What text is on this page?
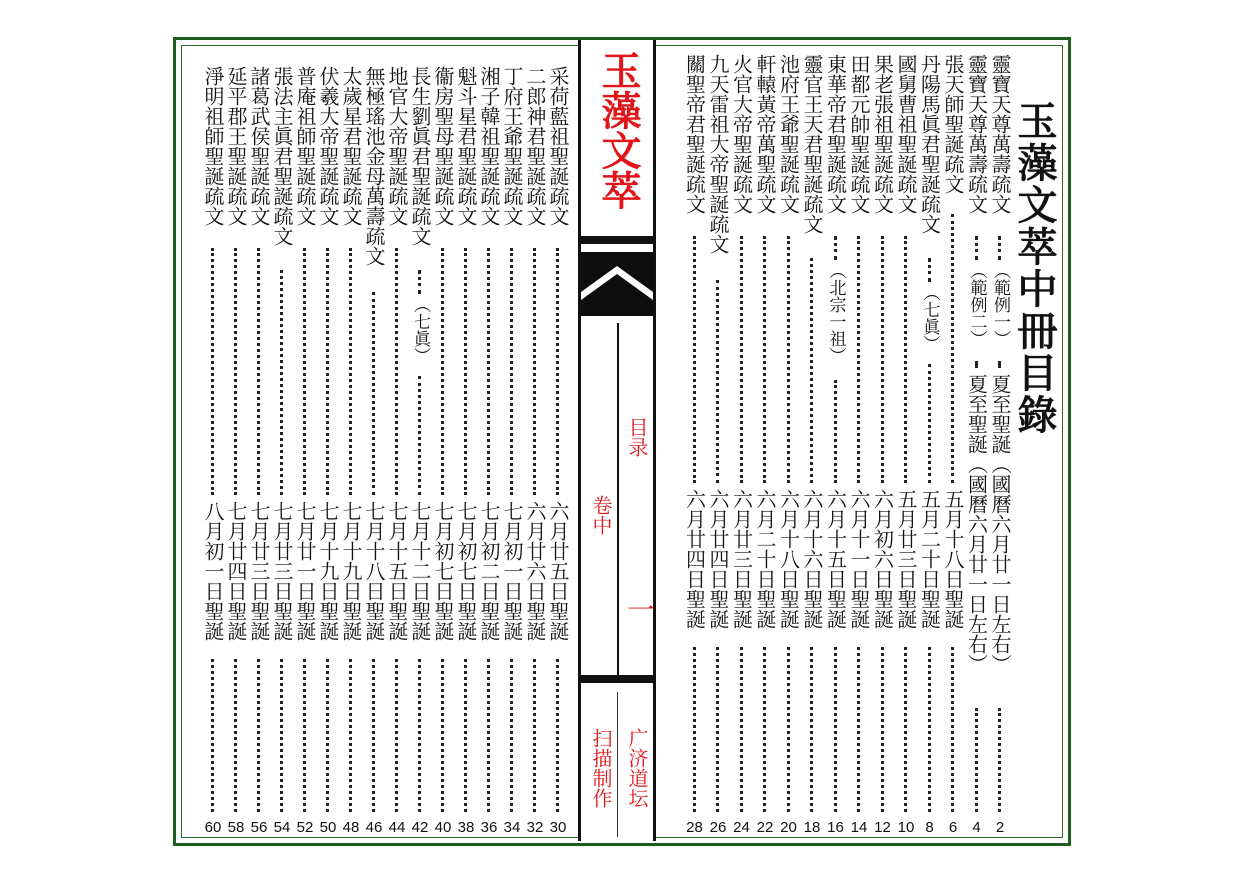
采荷藍祖聖誕疏文
六月廿五日聖誕
30
二郎神君聖誕疏文
六月廿六日聖誕
32
丁府王爺聖誕疏文
七月初一日聖誕
34
湘子韓祖聖誕疏文
七月初二日聖誕
36
魁斗星君聖誕疏文
七月初七日聖誕
38
衞房聖母聖誕疏文
七月初七日聖誕
40
長生劉眞君聖誕疏文
（七眞）
七月十二日聖誕
42
地官大帝聖誕疏文
七月十五日聖誕
44
無極瑤池金母萬壽疏文
七月十八日聖誕
46
太歲星君聖誕疏文
七月十九日聖誕
48
伏羲大帝聖誕疏文
七月十九日聖誕
50
普庵祖師聖誕疏文
七月廿一日聖誕
52
張法主眞君聖誕疏文
七月廿三日聖誕
54
諸葛武侯聖誕疏文
七月廿三日聖誕
56
延平郡王聖誕疏文
七月廿四日聖誕
58
淨明祖師聖誕疏文
八月初一日聖誕
60
靈寶天尊萬壽疏文
（範例一）
夏至聖誕（國曆六月廿一日左右）
2
靈寶天尊萬壽疏文
（範例二）
夏至聖誕（國曆六月廿一日左右）
4
張天師聖誕疏文
五月十八日聖誕
6
丹陽馬眞君聖誕疏文
（七眞）
五月二十日聖誕
8
國舅曹祖聖誕疏文
五月廿三日聖誕
10
果老張祖聖誕疏文
六月初六日聖誕
12
田都元帥聖誕疏文
六月十一日聖誕
14
東華帝君聖誕疏文
（北宗一祖）
六月十五日聖誕
16
靈官王天君聖誕疏文
六月十六日聖誕
18
池府王爺聖誕疏文
六月十八日聖誕
20
軒轅黃帝萬聖疏文
六月二十日聖誕
22
火官大帝聖誕疏文
六月廿三日聖誕
24
九天雷祖大帝聖誕疏文
六月廿四日聖誕
26
關聖帝君聖誕疏文
六月廿四日聖誕
28
玉藻文萃中冊目錄
玉藻文萃
目录
卷中
一
广济道坛
扫描制作
